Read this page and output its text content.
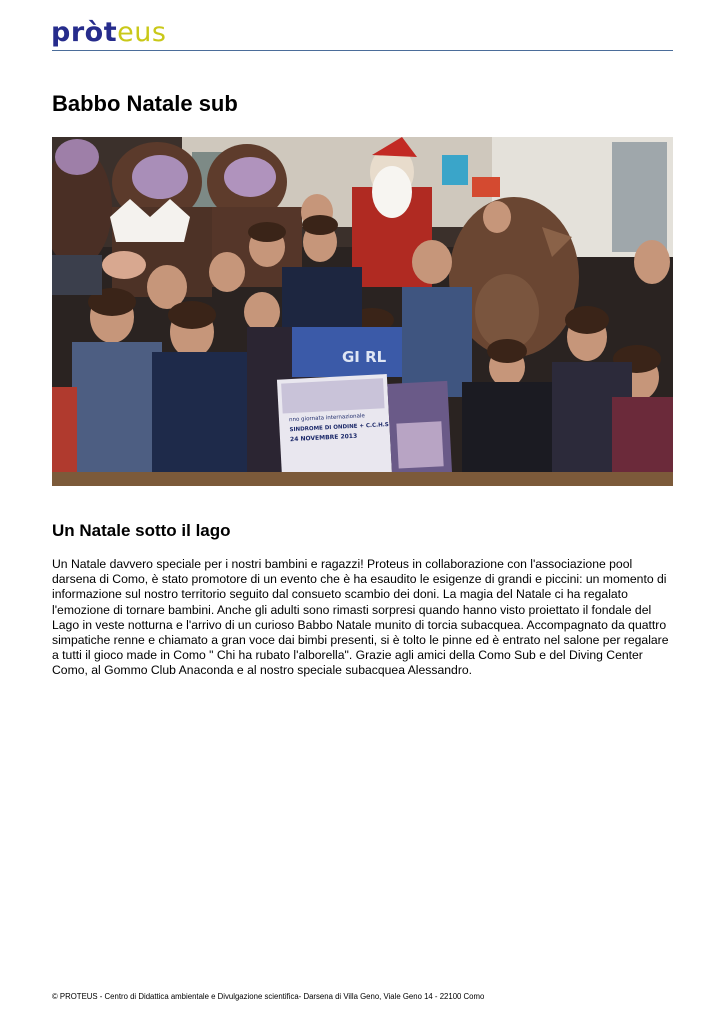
pròteus
Babbo Natale sub
GI RL
nno giornata internazionale
SINDROME DI ONDINE + C.C.H.S
24 NOVEMBRE 2013
Un Natale sotto il lago

Un Natale davvero speciale per i nostri bambini e ragazzi! Proteus in collaborazione con l'associazione pool darsena di Como, è stato promotore di un evento che è ha esaudito le esigenze di grandi e piccini: un momento di informazione sul nostro territorio seguito dal consueto scambio dei doni. La magia del Natale ci ha regalato l'emozione di tornare bambini. Anche gli adulti sono rimasti sorpresi quando hanno visto proiettato il fondale del Lago in veste notturna e l'arrivo di un curioso Babbo Natale munito di torcia subacquea. Accompagnato da quattro simpatiche renne e chiamato a gran voce dai bimbi presenti, si è tolto le pinne ed è entrato nel salone per regalare a tutti il gioco made in Como " Chi ha rubato l'alborella". Grazie agli amici della Como Sub e del Diving Center Como, al Gommo Club Anaconda e al nostro speciale subacquea Alessandro.

© PROTEUS - Centro di Didattica ambientale e Divulgazione scientifica- Darsena di Villa Geno, Viale Geno 14 - 22100 Como
